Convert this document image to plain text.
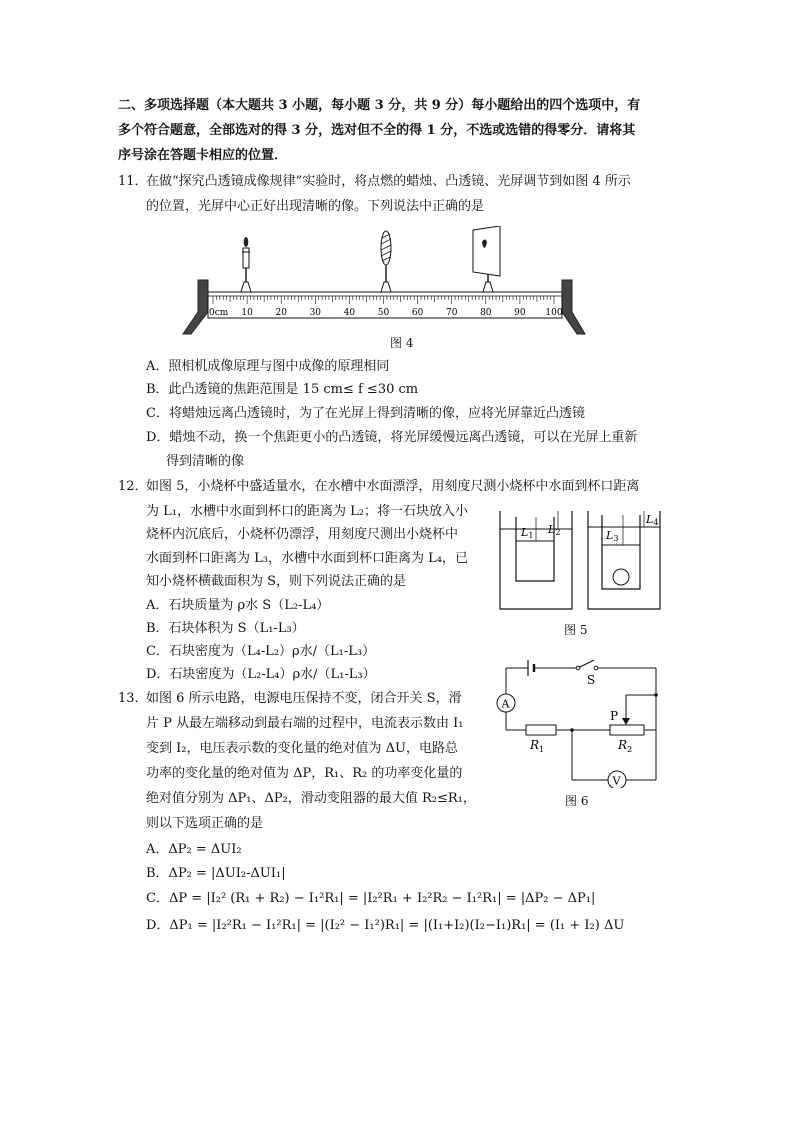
二、多项选择题（本大题共 3 小题，每小题 3 分，共 9 分）每小题给出的四个选项中，有
多个符合题意，全部选对的得 3 分，选对但不全的得 1 分，不选或选错的得零分．请将其
序号涂在答题卡相应的位置．
11．
在做“探究凸透镜成像规律”实验时，将点燃的蜡烛、凸透镜、光屏调节到如图 4 所示
的位置，光屏中心正好出现清晰的像。下列说法中正确的是
0cm 10	20	30	40	50	60	70	80	90 100
图 4
A．照相机成像原理与图中成像的原理相同
B．此凸透镜的焦距范围是 15 cm≤ f ≤30 cm
C．将蜡烛远离凸透镜时，为了在光屏上得到清晰的像，应将光屏靠近凸透镜
D．蜡烛不动，换一个焦距更小的凸透镜，将光屏缓慢远离凸透镜，可以在光屏上重新
得到清晰的像
12．
如图 5，小烧杯中盛适量水，在水槽中水面漂浮，用刻度尺测小烧杯中水面到杯口距离
为 L₁，水槽中水面到杯口的距离为 L₂；将一石块放入小
烧杯内沉底后，小烧杯仍漂浮，用刻度尺测出小烧杯中
水面到杯口距离为 L₃，水槽中水面到杯口距离为 L₄，已
知小烧杯横截面积为 S，则下列说法正确的是
A．石块质量为 ρ水 S（L₂-L₄）
B．石块体积为 S（L₁-L₃）
C．石块密度为（L₄-L₂）ρ水/（L₁-L₃）
D．石块密度为（L₂-L₄）ρ水/（L₁-L₃）
L1 L2	L3
L4
图 5
13．
如图 6 所示电路，电源电压保持不变，闭合开关 S，滑
片 P 从最左端移动到最右端的过程中，电流表示数由 I₁
变到 I₂，电压表示数的变化量的绝对值为 ΔU，电路总
功率的变化量的绝对值为 ΔP，R₁、R₂ 的功率变化量的
绝对值分别为 ΔP₁、ΔP₂，滑动变阻器的最大值 R₂≤R₁，
则以下选项正确的是
A．ΔP₂ = ΔUI₂
B．ΔP₂ = |ΔUI₂-ΔUI₁|
C．ΔP = |I₂² (R₁ + R₂) − I₁²R₁| = |I₂²R₁ + I₂²R₂ − I₁²R₁| = |ΔP₂ − ΔP₁|
D．ΔP₁ = |I₂²R₁ − I₁²R₁| = |(I₂² − I₁²)R₁| = |(I₁+I₂)(I₂−I₁)R₁| = (I₁ + I₂) ΔU
S
A
P
$R_1$	$R_2$
V
图 6
